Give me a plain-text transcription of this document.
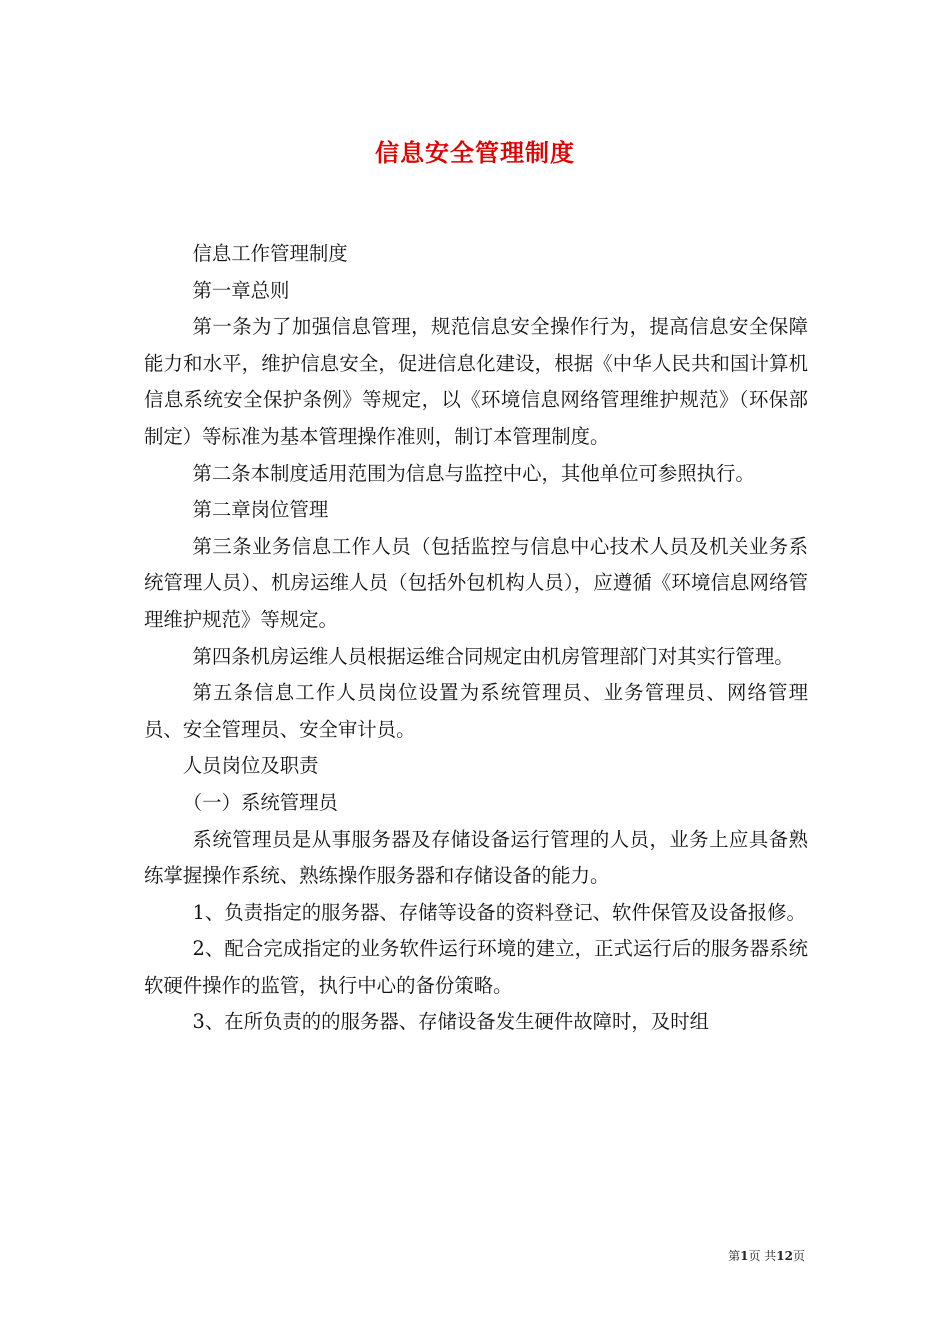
信息安全管理制度

信息工作管理制度

第一章总则

第一条为了加强信息管理，规范信息安全操作行为，提高信息安全保障能力和水平，维护信息安全，促进信息化建设，根据《中华人民共和国计算机信息系统安全保护条例》等规定，以《环境信息网络管理维护规范》（环保部制定）等标准为基本管理操作准则，制订本管理制度。

第二条本制度适用范围为信息与监控中心，其他单位可参照执行。

第二章岗位管理

第三条业务信息工作人员（包括监控与信息中心技术人员及机关业务系统管理人员）、机房运维人员（包括外包机构人员），应遵循《环境信息网络管理维护规范》等规定。

第四条机房运维人员根据运维合同规定由机房管理部门对其实行管理。

第五条信息工作人员岗位设置为系统管理员、业务管理员、网络管理员、安全管理员、安全审计员。

人员岗位及职责

（一）系统管理员

系统管理员是从事服务器及存储设备运行管理的人员，业务上应具备熟练掌握操作系统、熟练操作服务器和存储设备的能力。

1、负责指定的服务器、存储等设备的资料登记、软件保管及设备报修。

2、配合完成指定的业务软件运行环境的建立，正式运行后的服务器系统软硬件操作的监管，执行中心的备份策略。

3、在所负责的的服务器、存储设备发生硬件故障时，及时组

第1页 共12页
